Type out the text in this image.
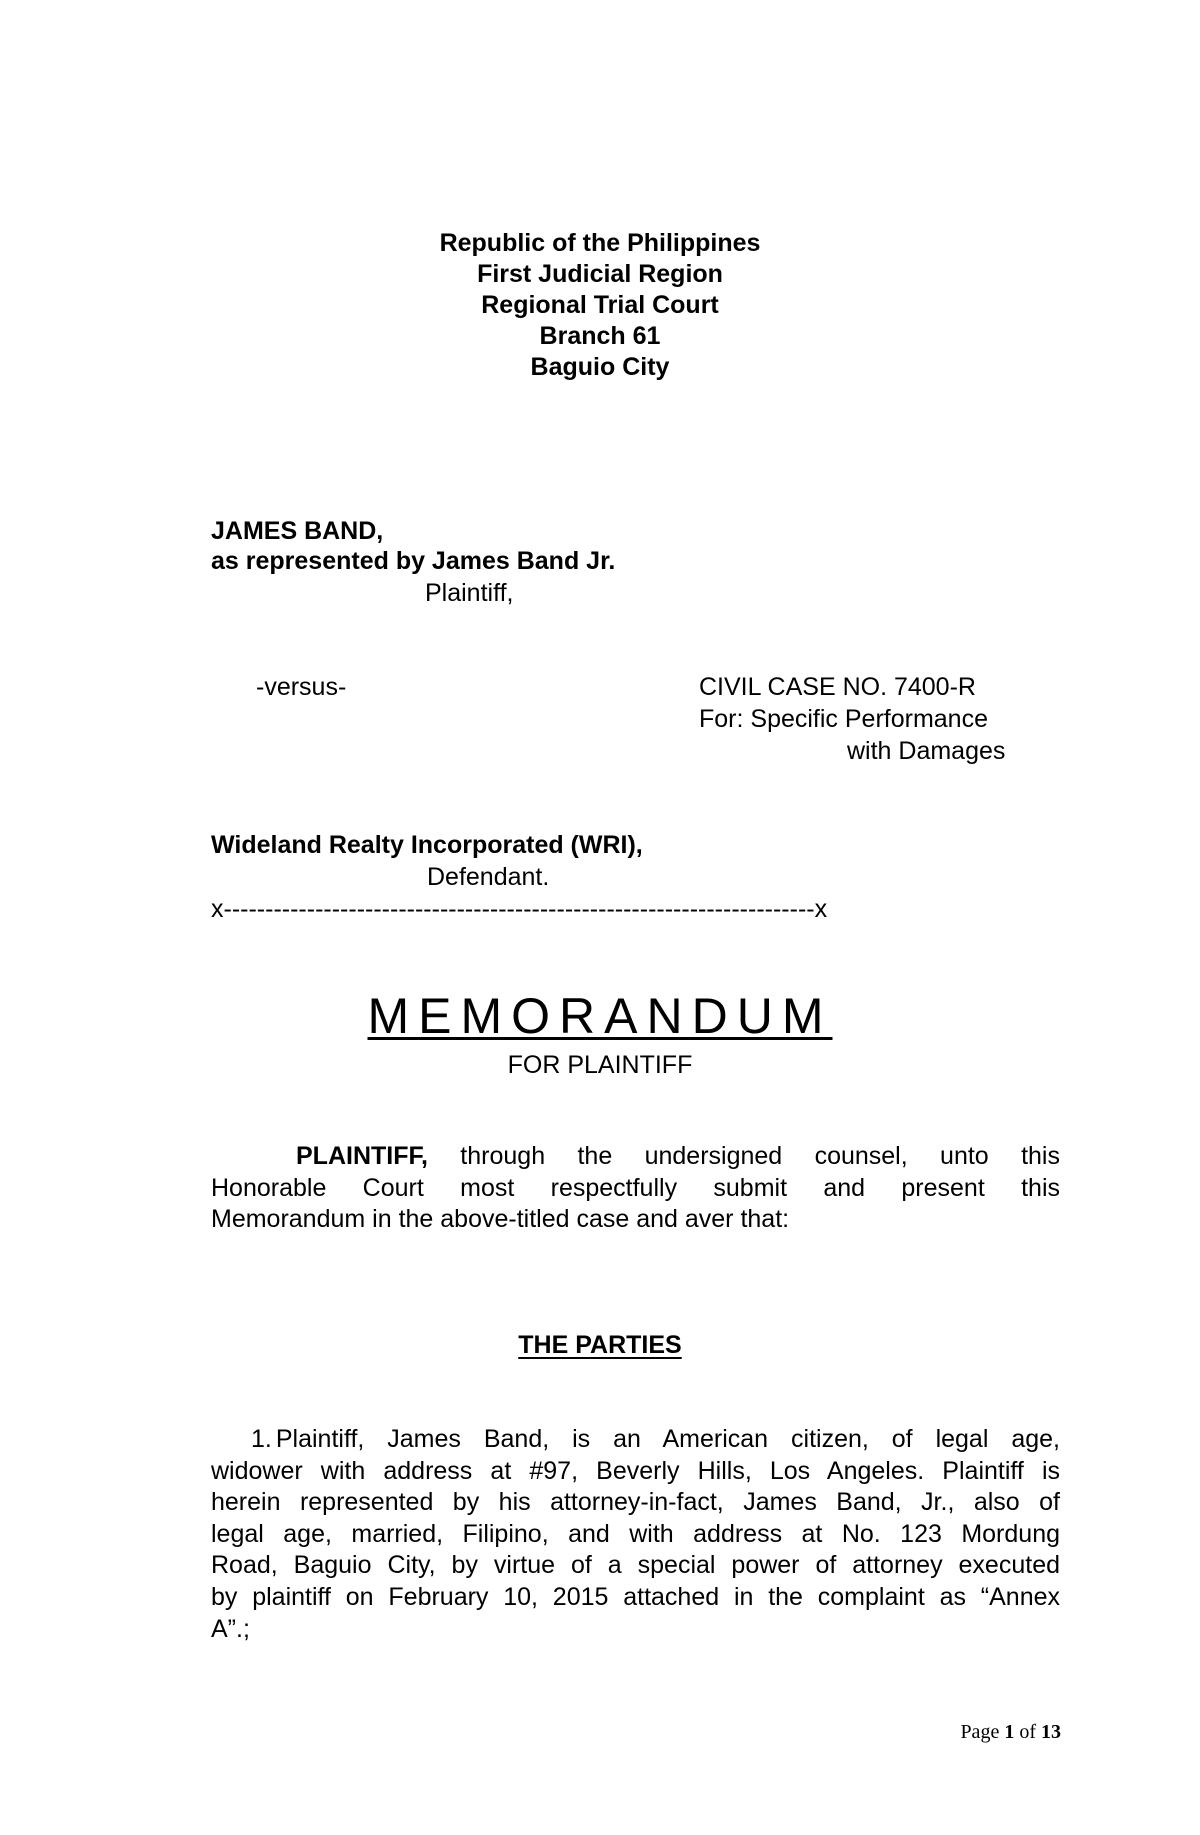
Republic of the Philippines
First Judicial Region
Regional Trial Court
Branch 61
Baguio City
JAMES BAND,
as represented by James Band Jr.
Plaintiff,
-versus-	CIVIL CASE NO. 7400-R
For: Specific Performance
with Damages
Wideland Realty Incorporated (WRI),
Defendant.
x-----------------------------------------------------------------------x
MEMORANDUM
FOR PLAINTIFF
PLAINTIFF, through the undersigned counsel, unto this
Honorable Court most respectfully submit and present this
Memorandum in the above-titled case and aver that:
THE PARTIES
1. Plaintiff, James Band, is an American citizen, of legal age,
widower with address at #97, Beverly Hills, Los Angeles. Plaintiff is
herein represented by his attorney-in-fact, James Band, Jr., also of
legal age, married, Filipino, and with address at No. 123 Mordung
Road, Baguio City, by virtue of a special power of attorney executed
by plaintiff on February 10, 2015 attached in the complaint as “Annex
A”.;
Page 1 of 13
